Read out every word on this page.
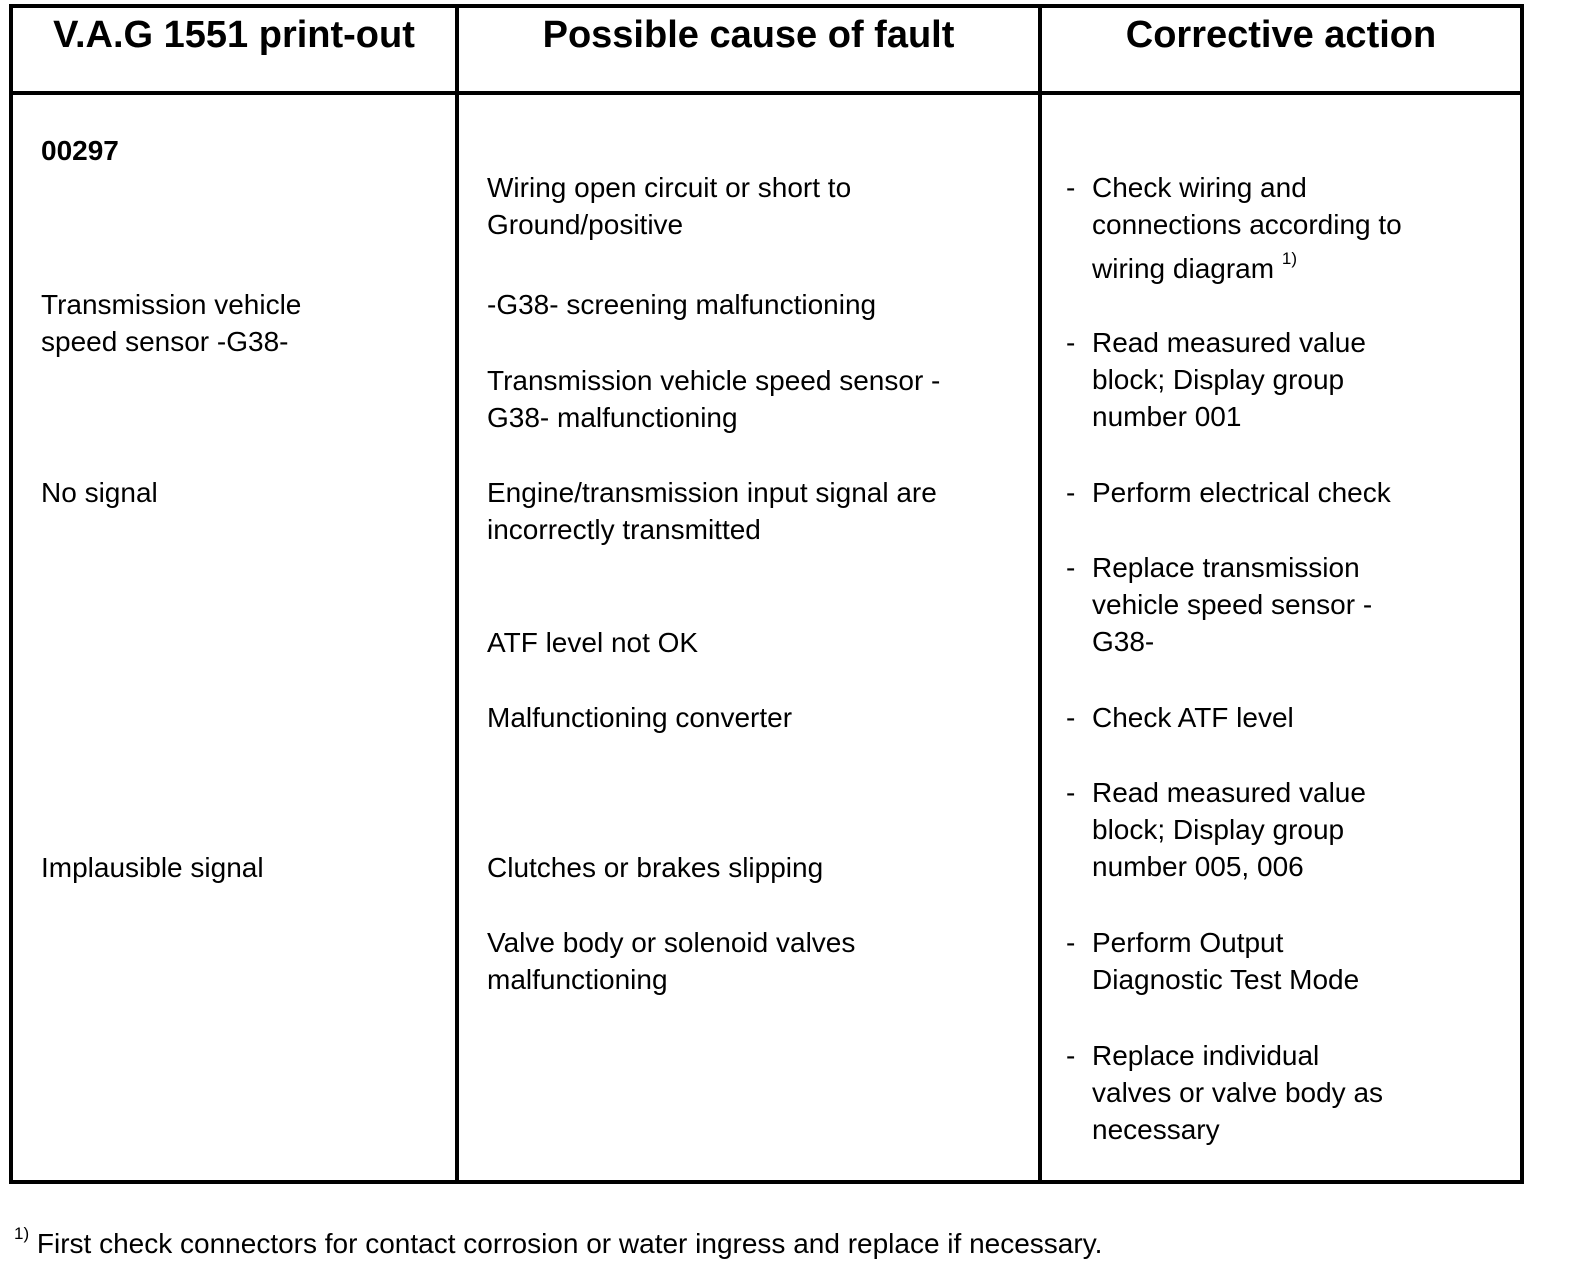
V.A.G 1551 print-out	Possible cause of fault	Corrective action
00297
Transmission vehicle
speed sensor -G38-
No signal
Implausible signal
Wiring open circuit or short to
Ground/positive
-G38- screening malfunctioning
Transmission vehicle speed sensor -
G38- malfunctioning
Engine/transmission input signal are
incorrectly transmitted
ATF level not OK
Malfunctioning converter
Clutches or brakes slipping
Valve body or solenoid valves
malfunctioning
- Check wiring and
connections according to
wiring diagram $^{1)}$
- Read measured value
block; Display group
number 001
- Perform electrical check
- Replace transmission
vehicle speed sensor -
G38-
- Check ATF level
- Read measured value
block; Display group
number 005, 006
- Perform Output
Diagnostic Test Mode
- Replace individual
valves or valve body as
necessary
$^{1)}$ First check connectors for contact corrosion or water ingress and replace if necessary.
